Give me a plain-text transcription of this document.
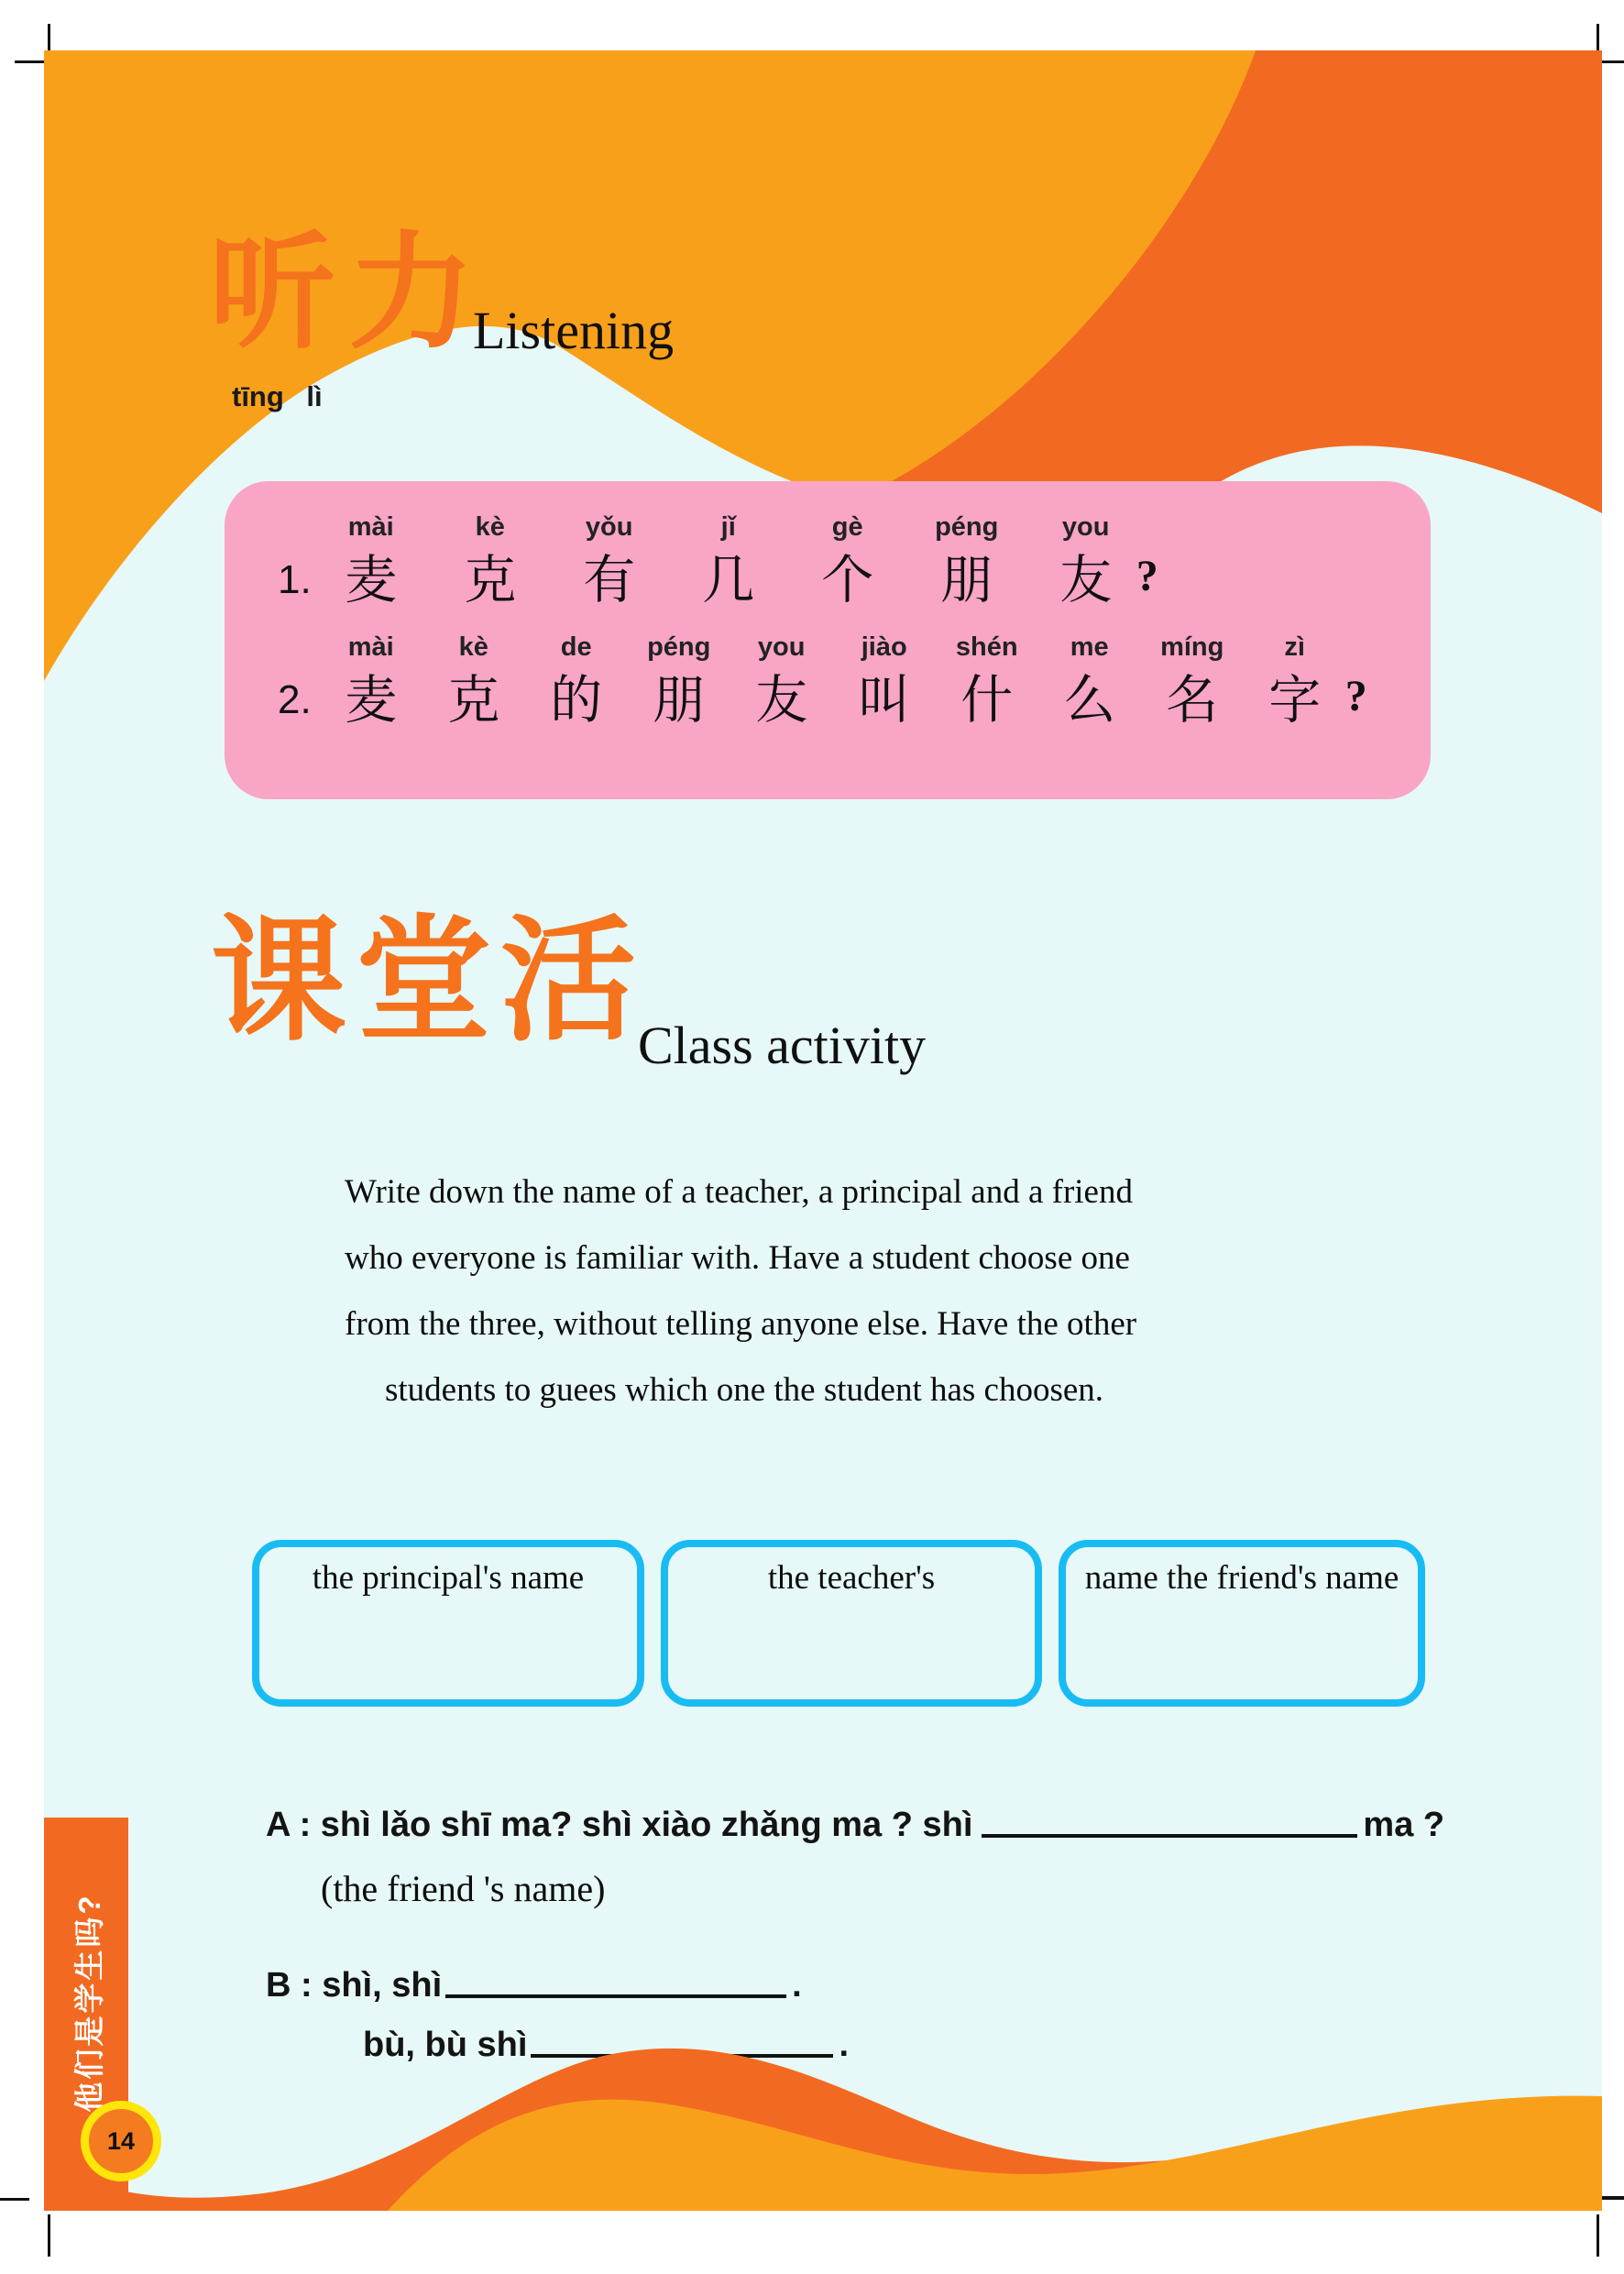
听力
Listening
tīng lì
1.
mài
麦
kè
克
yǒu
有
jǐ
几
gè
个
péng
朋
you
友 ?
2.
mài
麦
kè
克
de
的
péng
朋
you
友
jiào
叫
shén
什
me
么
míng
名
zì
字 ?
课堂活
Class activity
Write down the name of a teacher, a principal and a friend
who everyone is familiar with. Have a student choose one
from the three, without telling anyone else. Have the other
students to guees which one the student has choosen.
the principal's name	the teacher's	name the friend's name
A : shì lǎo shī ma? shì xiào zhǎng ma ? shì	ma ?
(the friend 's name)
B : shì, shì	.
bù, bù shì	.
他们是学生吗?
14
